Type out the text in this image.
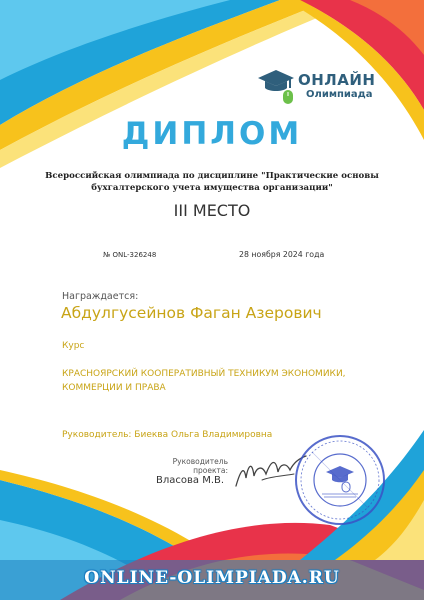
ОНЛАЙН
Олимпиада
ДИПЛОМ
Всероссийская олимпиада по дисциплине "Практические основы
бухгалтерского учета имущества организации"
III МЕСТО
№ ONL-326248	28 ноября 2024 года
Награждается:
Абдулгусейнов Фаган Азерович
Курс
КРАСНОЯРСКИЙ КООПЕРАТИВНЫЙ ТЕХНИКУМ ЭКОНОМИКИ,
КОММЕРЦИИ И ПРАВА
Руководитель: Биеква Ольга Владимировна
Руководитель
проекта:
Власова М.В.
ONLINE-OLIMPIADA.RU
